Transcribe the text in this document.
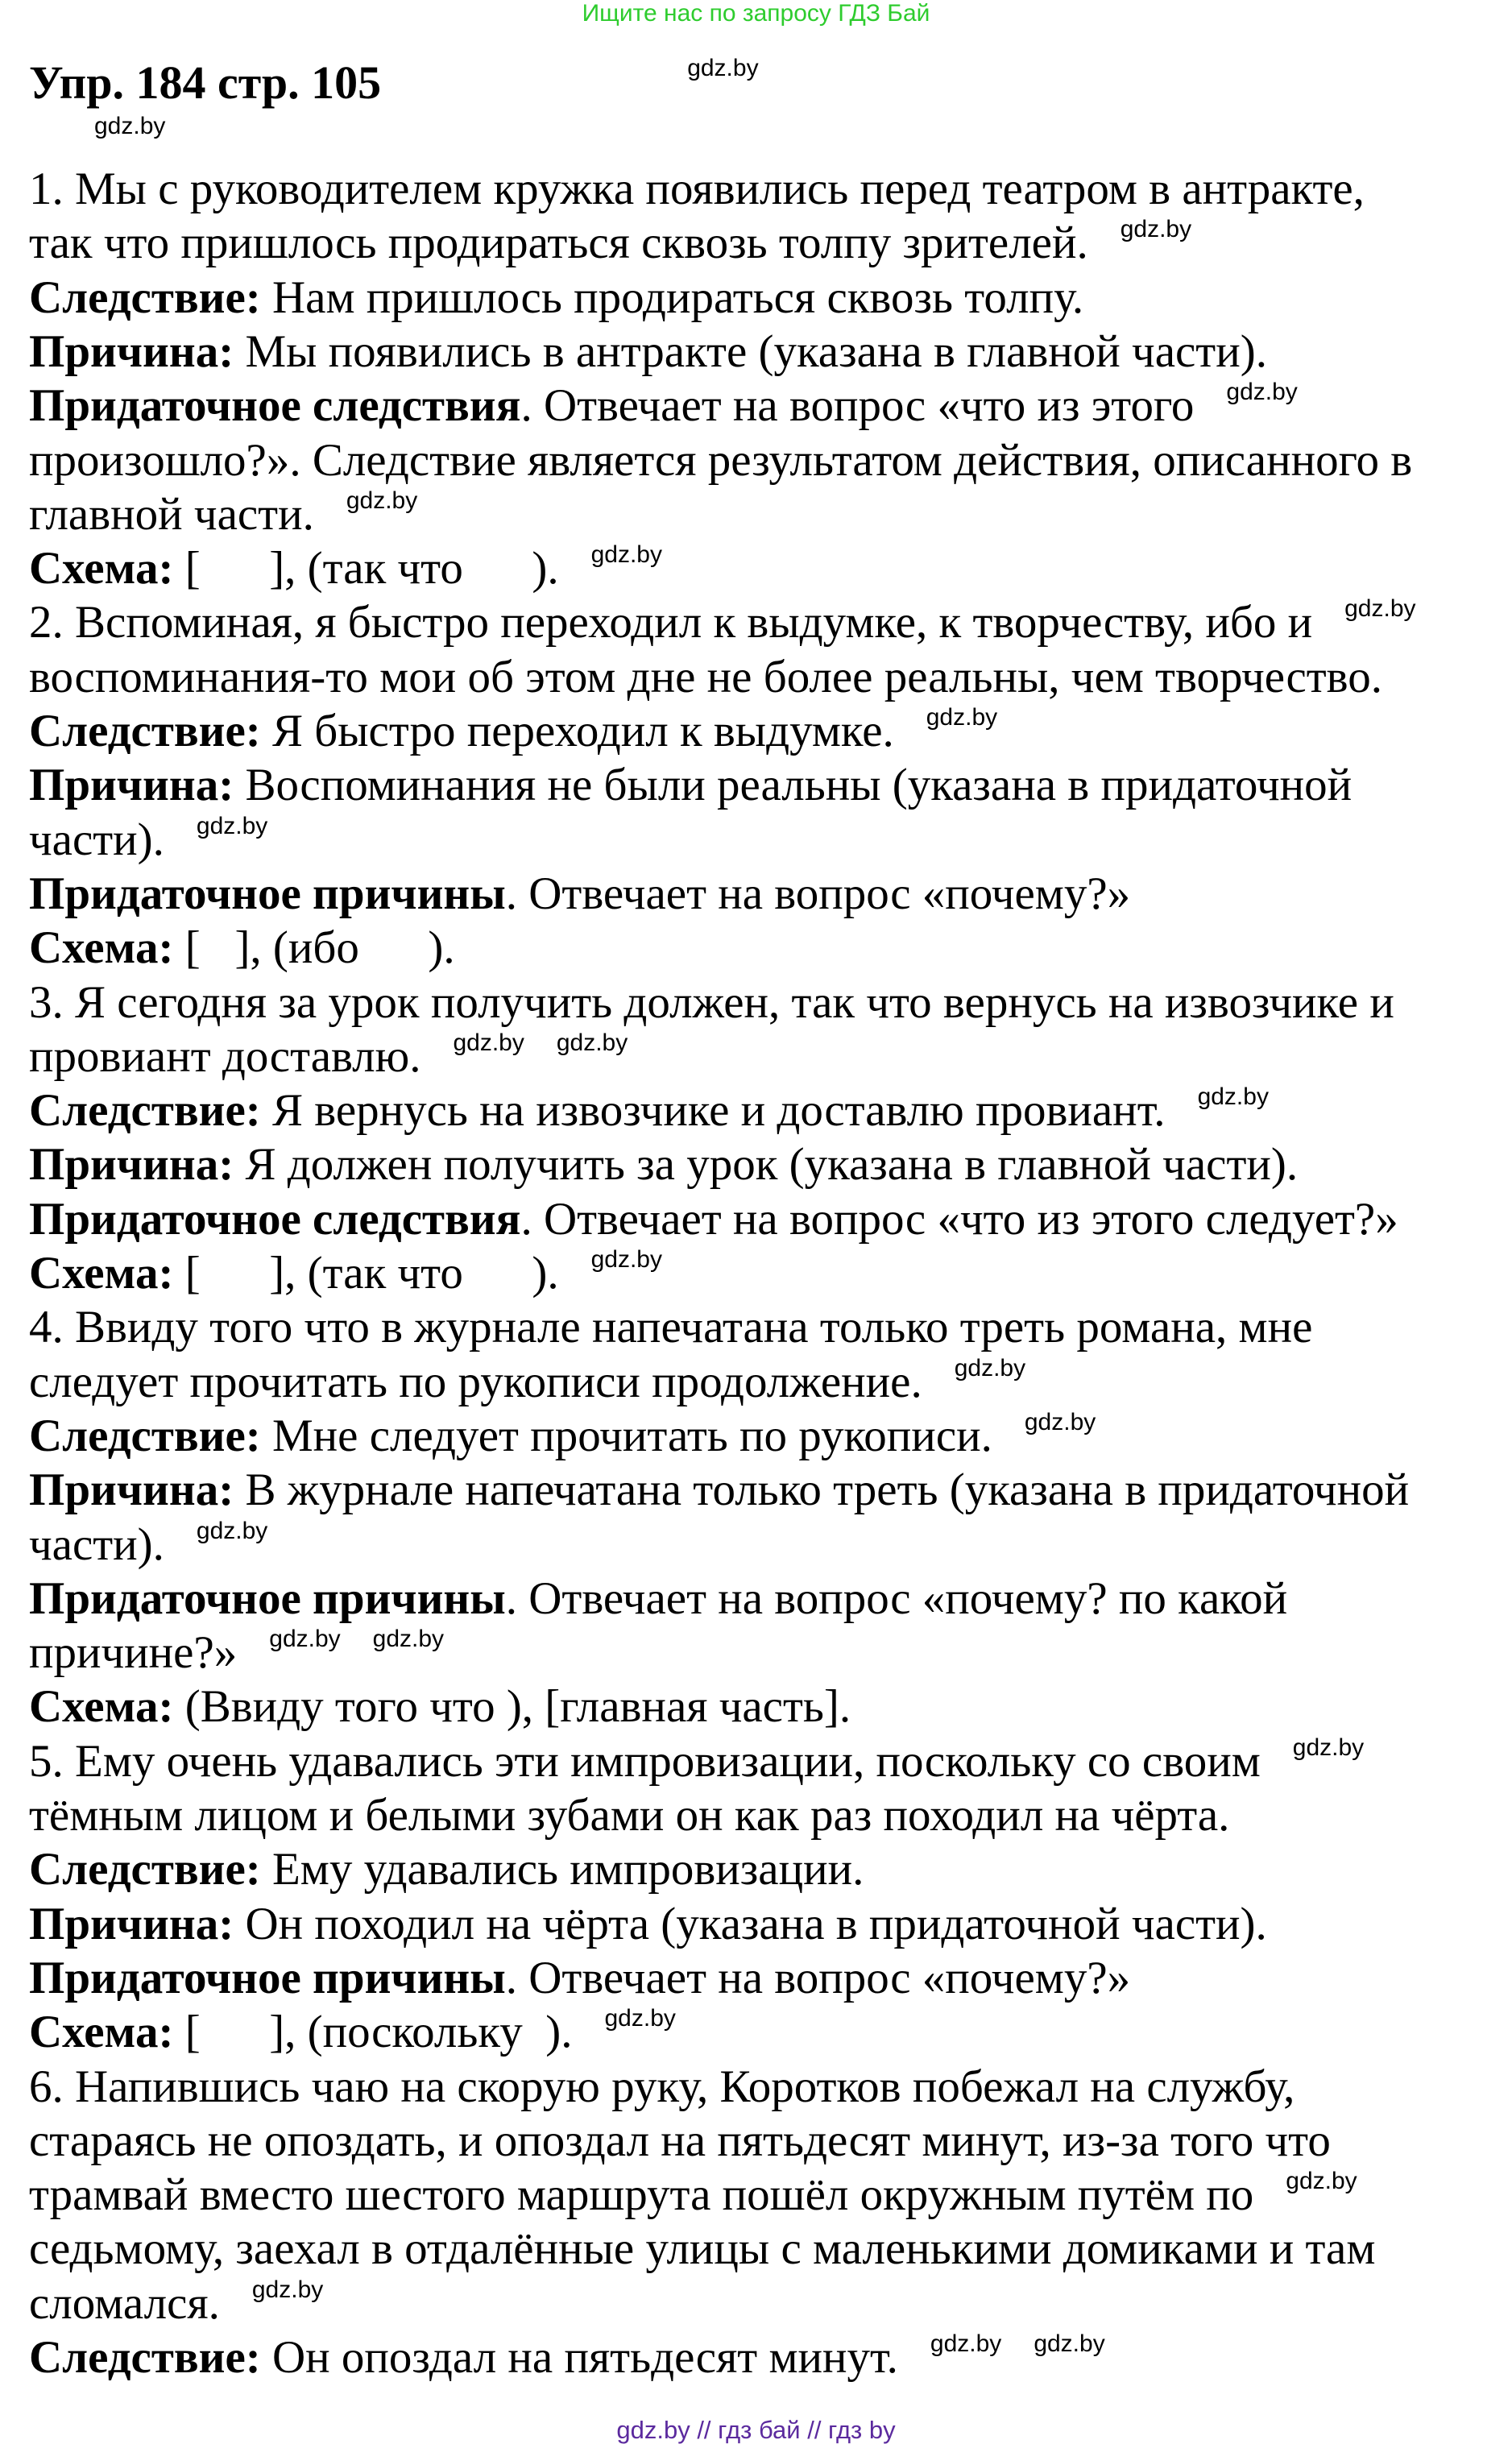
Ищите нас по запросу ГДЗ Бай
Упр. 184 стр. 105	$^{gdz.by}$
gdz.by
1. Мы с руководителем кружка появились перед театром в антракте,
так что пришлось продираться сквозь толпу зрителей. $^{gdz.by}$
Следствие: Нам пришлось продираться сквозь толпу.
Причина: Мы появились в антракте (указана в главной части).
Придаточное следствия. Отвечает на вопрос «что из этого $^{gdz.by}$
произошло?». Следствие является результатом действия, описанного в
главной части. $^{gdz.by}$
Схема: [      ], (так что      ). $^{gdz.by}$
2. Вспоминая, я быстро переходил к выдумке, к творчеству, ибо и $^{gdz.by}$
воспоминания-то мои об этом дне не более реальны, чем творчество.
Следствие: Я быстро переходил к выдумке. $^{gdz.by}$
Причина: Воспоминания не были реальны (указана в придаточной
части). $^{gdz.by}$
Придаточное причины. Отвечает на вопрос «почему?»
Схема: [   ], (ибо      ).
3. Я сегодня за урок получить должен, так что вернусь на извозчике и
провиант доставлю. $^{gdz.by}$ $^{gdz.by}$
Следствие: Я вернусь на извозчике и доставлю провиант. $^{gdz.by}$
Причина: Я должен получить за урок (указана в главной части).
Придаточное следствия. Отвечает на вопрос «что из этого следует?»
Схема: [      ], (так что      ). $^{gdz.by}$
4. Ввиду того что в журнале напечатана только треть романа, мне
следует прочитать по рукописи продолжение. $^{gdz.by}$
Следствие: Мне следует прочитать по рукописи. $^{gdz.by}$
Причина: В журнале напечатана только треть (указана в придаточной
части). $^{gdz.by}$
Придаточное причины. Отвечает на вопрос «почему? по какой
причине?» $^{gdz.by}$ $^{gdz.by}$
Схема: (Ввиду того что ), [главная часть].
5. Ему очень удавались эти импровизации, поскольку со своим $^{gdz.by}$
тёмным лицом и белыми зубами он как раз походил на чёрта.
Следствие: Ему удавались импровизации.
Причина: Он походил на чёрта (указана в придаточной части).
Придаточное причины. Отвечает на вопрос «почему?»
Схема: [      ], (поскольку  ). $^{gdz.by}$
6. Напившись чаю на скорую руку, Коротков побежал на службу,
стараясь не опоздать, и опоздал на пятьдесят минут, из-за того что
трамвай вместо шестого маршрута пошёл окружным путём по $^{gdz.by}$
седьмому, заехал в отдалённые улицы с маленькими домиками и там
сломался. $^{gdz.by}$
Следствие: Он опоздал на пятьдесят минут. $^{gdz.by}$ $^{gdz.by}$
gdz.by // гдз бай // гдз by
